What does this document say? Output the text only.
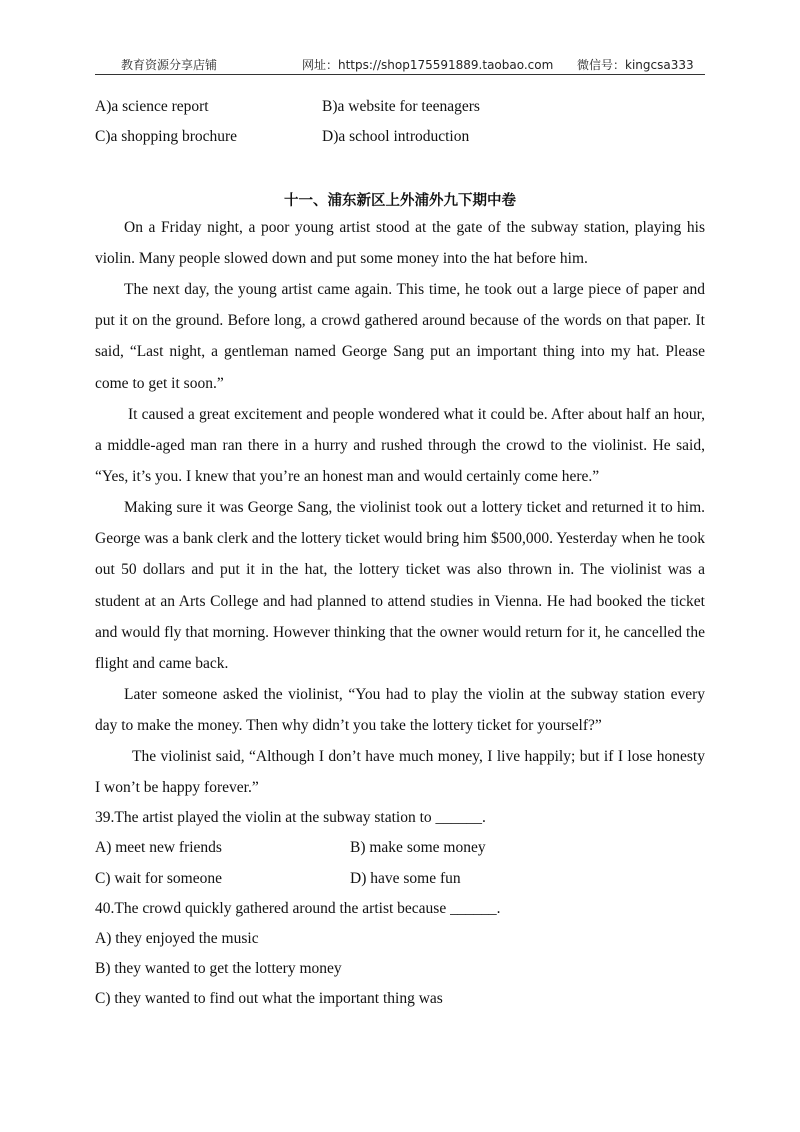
教育资源分享店铺	网址：https://shop175591889.taobao.com 微信号：kingcsa333
A)a science report	B)a website for teenagers
C)a shopping brochure	D)a school introduction
十一、浦东新区上外浦外九下期中卷

On a Friday night, a poor young artist stood at the gate of the subway station, playing his violin. Many people slowed down and put some money into the hat before him.

The next day, the young artist came again. This time, he took out a large piece of paper and put it on the ground. Before long, a crowd gathered around because of the words on that paper. It said, “Last night, a gentleman named George Sang put an important thing into my hat. Please come to get it soon.”

It caused a great excitement and people wondered what it could be. After about half an hour, a middle-aged man ran there in a hurry and rushed through the crowd to the violinist. He said, “Yes, it’s you. I knew that you’re an honest man and would certainly come here.”

Making sure it was George Sang, the violinist took out a lottery ticket and returned it to him. George was a bank clerk and the lottery ticket would bring him $500,000. Yesterday when he took out 50 dollars and put it in the hat, the lottery ticket was also thrown in. The violinist was a student at an Arts College and had planned to attend studies in Vienna. He had booked the ticket and would fly that morning. However thinking that the owner would return for it, he cancelled the flight and came back.

Later someone asked the violinist, “You had to play the violin at the subway station every day to make the money. Then why didn’t you take the lottery ticket for yourself?”

The violinist said, “Although I don’t have much money, I live happily; but if I lose honesty I won’t be happy forever.”

39.The artist played the violin at the subway station to ______.
A) meet new friends	B) make some money
C) wait for someone	D) have some fun
40.The crowd quickly gathered around the artist because ______.
A) they enjoyed the music
B) they wanted to get the lottery money
C) they wanted to find out what the important thing was
